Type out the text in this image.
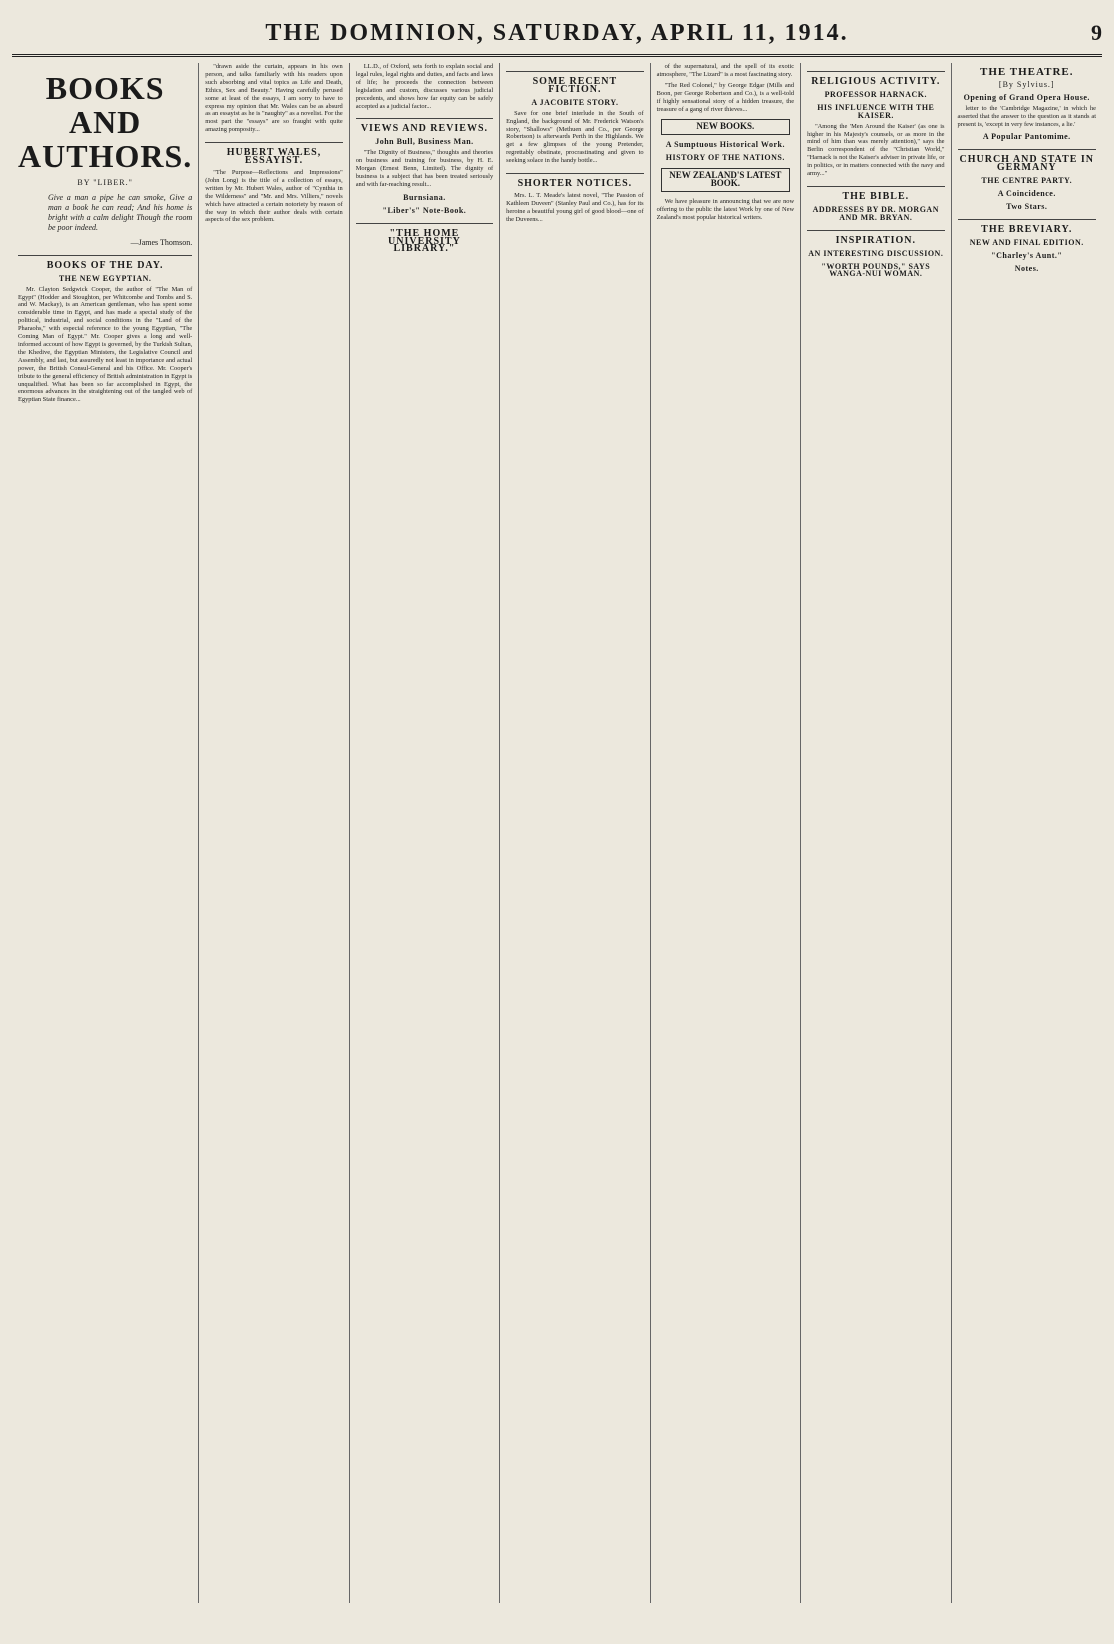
THE DOMINION, SATURDAY, APRIL 11, 1914.	9
BOOKS AND AUTHORS.
BY "LIBER."
Give a man a pipe he can smoke, Give a man a book he can read; And his home is bright with a calm delight Though the room be poor indeed.
—James Thomson.
BOOKS OF THE DAY.
THE NEW EGYPTIAN.

Mr. Clayton Sedgwick Cooper, the author of "The Man of Egypt" (Hodder and Stoughton, per Whitcombe and Tombs and S. and W. Mackay), is an American gentleman, who has spent some considerable time in Egypt, and has made a special study of the political, industrial, and social conditions in the "Land of the Pharaohs," with especial reference to the young Egyptian, "The Coming Man of Egypt." Mr. Cooper gives a long and well-informed account of how Egypt is governed, by the Turkish Sultan, the Khedive, the Egyptian Ministers, the Legislative Council and Assembly, and last, but assuredly not least in importance and actual power, the British Consul-General and his Office. Mr. Cooper's tribute to the general efficiency of British administration in Egypt is unqualified. What has been so far accomplished in Egypt, the enormous advances in the straightening out of the tangled web of Egyptian State finance...

"drawn aside the curtain, appears in his own person, and talks familiarly with his readers upon such absorbing and vital topics as Life and Death, Ethics, Sex and Beauty." Having carefully perused some at least of the essays, I am sorry to have to express my opinion that Mr. Wales can be as absurd as an essayist as he is "naughty" as a novelist. For the most part the "essays" are so fraught with quite amazing pomposity...

HUBERT WALES, ESSAYIST.

"The Purpose—Reflections and Impressions" (John Long) is the title of a collection of essays, written by Mr. Hubert Wales, author of "Cynthia in the Wilderness" and "Mr. and Mrs. Villiers," novels which have attracted a certain notoriety by reason of the way in which their author deals with certain aspects of the sex problem.

LL.D., of Oxford, sets forth to explain social and legal rules, legal rights and duties, and facts and laws of life; he proceeds the connection between legislation and custom, discusses various judicial precedents, and shows how far equity can be safely accepted as a judicial factor...

VIEWS AND REVIEWS.
John Bull, Business Man.

"The Dignity of Business," thoughts and theories on business and training for business, by H. E. Morgan (Ernest Benn, Limited). The dignity of business is a subject that has been treated seriously and with far-reaching result...

Burnsiana.
"Liber's" Note-Book.
"THE HOME UNIVERSITY LIBRARY."
SOME RECENT FICTION.
A JACOBITE STORY.

Save for one brief interlude in the South of England, the background of Mr. Frederick Watson's story, "Shallows" (Methuen and Co., per George Robertson) is afterwards Perth in the Highlands. We get a few glimpses of the young Pretender, regrettably obstinate, procrastinating and given to seeking solace in the handy bottle...

SHORTER NOTICES.

Mrs. L. T. Meade's latest novel, "The Passion of Kathleen Duveen" (Stanley Paul and Co.), has for its heroine a beautiful young girl of good blood—one of the Duveens...

of the supernatural, and the spell of its exotic atmosphere, "The Lizard" is a most fascinating story.

"The Red Colonel," by George Edgar (Mills and Boon, per George Robertson and Co.), is a well-told if highly sensational story of a hidden treasure, the treasure of a gang of river thieves...

NEW BOOKS.
A Sumptuous Historical Work.
HISTORY OF THE NATIONS.
NEW ZEALAND'S LATEST BOOK.

We have pleasure in announcing that we are now offering to the public the latest Work by one of New Zealand's most popular historical writers.

RELIGIOUS ACTIVITY.
PROFESSOR HARNACK.
HIS INFLUENCE WITH THE KAISER.

"Among the 'Men Around the Kaiser' (as one is higher in his Majesty's counsels, or as more in the mind of him than was merely attention)," says the Berlin correspondent of the "Christian World," "Harnack is not the Kaiser's adviser in private life, or in politics, or in matters connected with the navy and army..."

THE BIBLE.
ADDRESSES BY DR. MORGAN AND MR. BRYAN.
INSPIRATION.
AN INTERESTING DISCUSSION.
"WORTH POUNDS," SAYS WANGA-NUI WOMAN.
THE THEATRE.
[By Sylvius.]
Opening of Grand Opera House.

letter to the 'Cambridge Magazine,' in which he asserted that the answer to the question as it stands at present is, 'except in very few instances, a lie.'

A Popular Pantomime.
CHURCH AND STATE IN GERMANY
THE CENTRE PARTY.
A Coincidence.
Two Stars.
THE BREVIARY.
NEW AND FINAL EDITION.
"Charley's Aunt."
Notes.
